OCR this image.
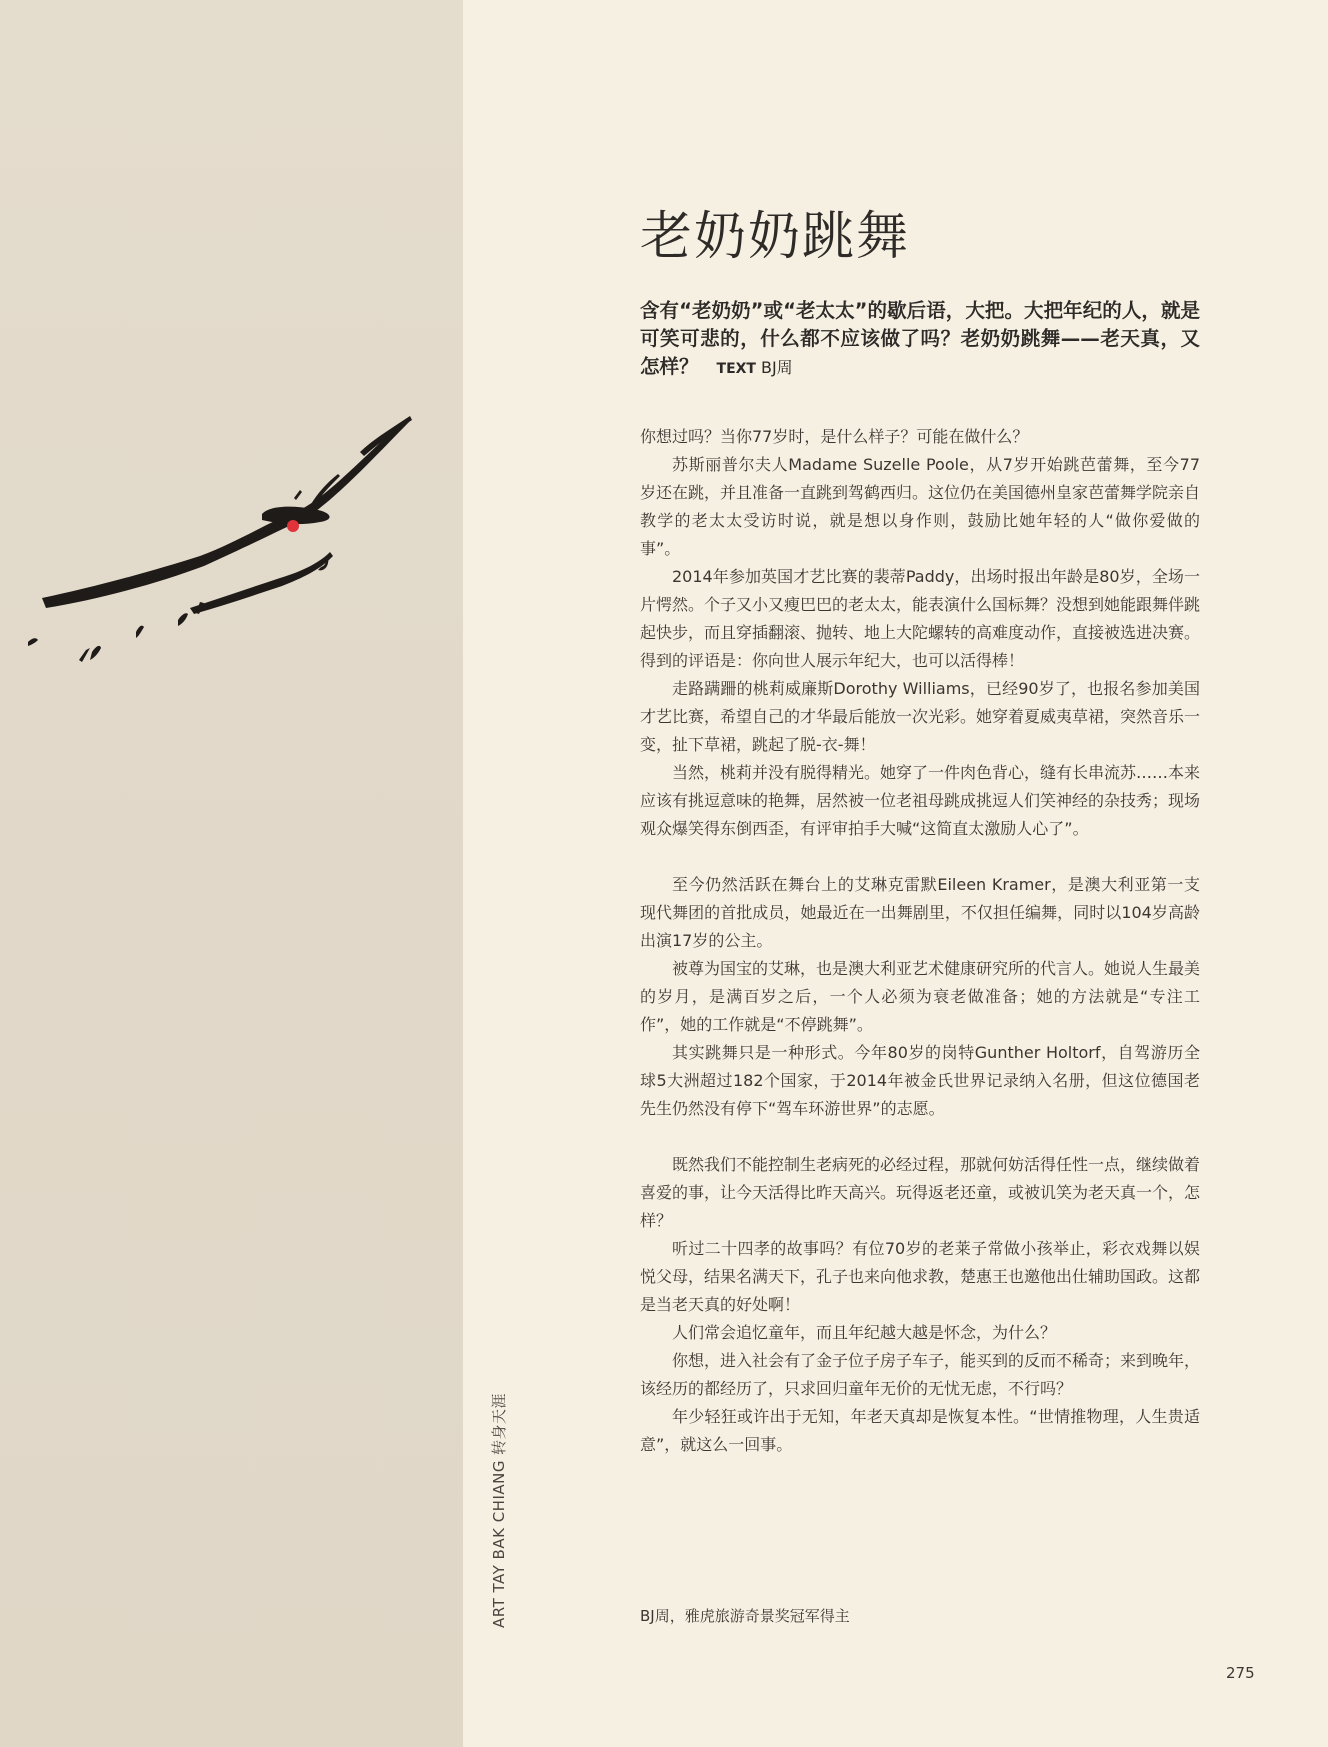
ART TAY BAK CHIANG转身天涯
老奶奶跳舞

含有“老奶奶”或“老太太”的歇后语，大把。大把年纪的人，就是可笑可悲的，什么都不应该做了吗？老奶奶跳舞——老天真，又怎样？ TEXT BJ周

你想过吗？当你77岁时，是什么样子？可能在做什么？

苏斯丽普尔夫人Madame Suzelle Poole，从7岁开始跳芭蕾舞，至今77岁还在跳，并且准备一直跳到驾鹤西归。这位仍在美国德州皇家芭蕾舞学院亲自教学的老太太受访时说，就是想以身作则，鼓励比她年轻的人“做你爱做的事”。

2014年参加英国才艺比赛的裴蒂Paddy，出场时报出年龄是80岁，全场一片愕然。个子又小又瘦巴巴的老太太，能表演什么国标舞？没想到她能跟舞伴跳起快步，而且穿插翻滚、抛转、地上大陀螺转的高难度动作，直接被选进决赛。得到的评语是：你向世人展示年纪大，也可以活得棒！

走路蹒跚的桃莉威廉斯Dorothy Williams，已经90岁了，也报名参加美国才艺比赛，希望自己的才华最后能放一次光彩。她穿着夏威夷草裙，突然音乐一变，扯下草裙，跳起了脱-衣-舞！

当然，桃莉并没有脱得精光。她穿了一件肉色背心，缝有长串流苏……本来应该有挑逗意味的艳舞，居然被一位老祖母跳成挑逗人们笑神经的杂技秀；现场观众爆笑得东倒西歪，有评审拍手大喊“这简直太激励人心了”。

至今仍然活跃在舞台上的艾琳克雷默Eileen Kramer，是澳大利亚第一支现代舞团的首批成员，她最近在一出舞剧里，不仅担任编舞，同时以104岁高龄出演17岁的公主。

被尊为国宝的艾琳，也是澳大利亚艺术健康研究所的代言人。她说人生最美的岁月，是满百岁之后，一个人必须为衰老做准备；她的方法就是“专注工作”，她的工作就是“不停跳舞”。

其实跳舞只是一种形式。今年80岁的岗特Gunther Holtorf，自驾游历全球5大洲超过182个国家，于2014年被金氏世界记录纳入名册，但这位德国老先生仍然没有停下“驾车环游世界”的志愿。

既然我们不能控制生老病死的必经过程，那就何妨活得任性一点，继续做着喜爱的事，让今天活得比昨天高兴。玩得返老还童，或被讥笑为老天真一个，怎样？

听过二十四孝的故事吗？有位70岁的老莱子常做小孩举止，彩衣戏舞以娱悦父母，结果名满天下，孔子也来向他求教，楚惠王也邀他出仕辅助国政。这都是当老天真的好处啊！

人们常会追忆童年，而且年纪越大越是怀念，为什么？

你想，进入社会有了金子位子房子车子，能买到的反而不稀奇；来到晚年，该经历的都经历了，只求回归童年无价的无忧无虑，不行吗？

年少轻狂或许出于无知，年老天真却是恢复本性。“世情推物理，人生贵适意”，就这么一回事。

BJ周，雅虎旅游奇景奖冠军得主
275
